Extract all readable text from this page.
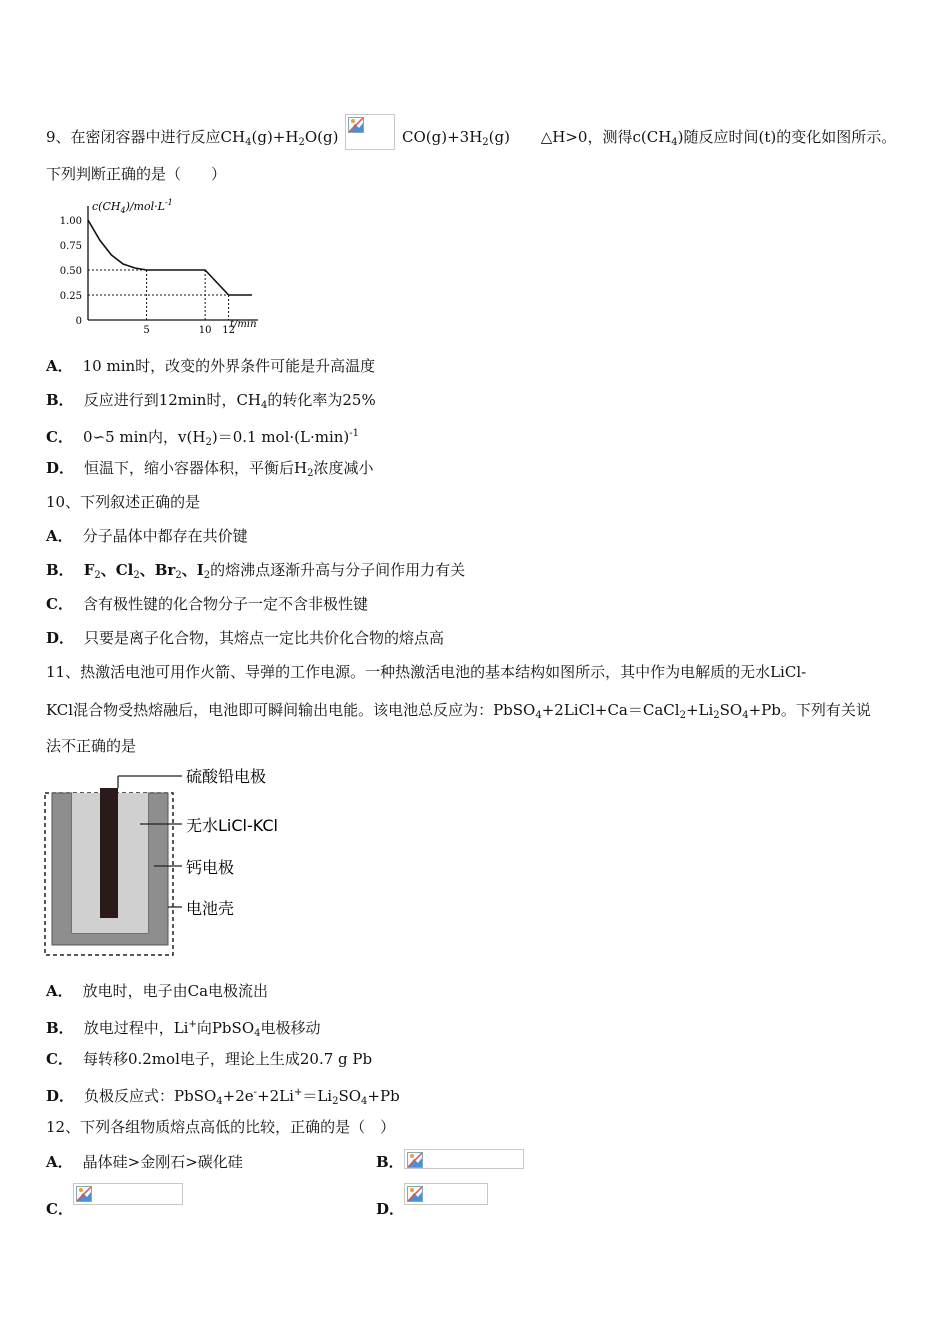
9、在密闭容器中进行反应$CH_4(g)+H_2O(g)$	$CO(g)+3H_2(g)$ △H>0，测得$c(CH_4)$随反应时间(t)的变化如图所示。
下列判断正确的是（　　）
0
0.25
0.50
0.75
1.00
5	10 12
$c(CH_4)/mol\cdot L^{-1}$
t/min
A． 10 min时，改变的外界条件可能是升高温度
B． 反应进行到12min时，$CH_4$的转化率为25%
C． 0∽5 min内，$v(H_2)=0.1$ $mol\cdot(L\cdot\min)^{-1}$
D． 恒温下，缩小容器体积，平衡后$H_2$浓度减小
10、下列叙述正确的是
A． 分子晶体中都存在共价键
B． $F_2$、$Cl_2$、$Br_2$、$I_2$的熔沸点逐渐升高与分子间作用力有关
C． 含有极性键的化合物分子一定不含非极性键
D． 只要是离子化合物，其熔点一定比共价化合物的熔点高
11、热激活电池可用作火箭、导弹的工作电源。一种热激活电池的基本结构如图所示，其中作为电解质的无水LiCl-
KCl混合物受热熔融后，电池即可瞬间输出电能。该电池总反应为：$PbSO_4+2LiCl+Ca=CaCl_2+Li_2SO_4+Pb$。下列有关说
法不正确的是
硫酸铅电极
无水LiCl-KCl
钙电极
电池壳
A． 放电时，电子由Ca电极流出
B． 放电过程中，Li+向PbSO$_4$电极移动
C． 每转移0.2mol电子，理论上生成20.7 g Pb
D． 负极反应式：$PbSO_4+2e^-+2Li^+=Li_2SO_4+Pb$
12、下列各组物质熔点高低的比较，正确的是（　）
A． 晶体硅>金刚石>碳化硅	B．
C．	D．
